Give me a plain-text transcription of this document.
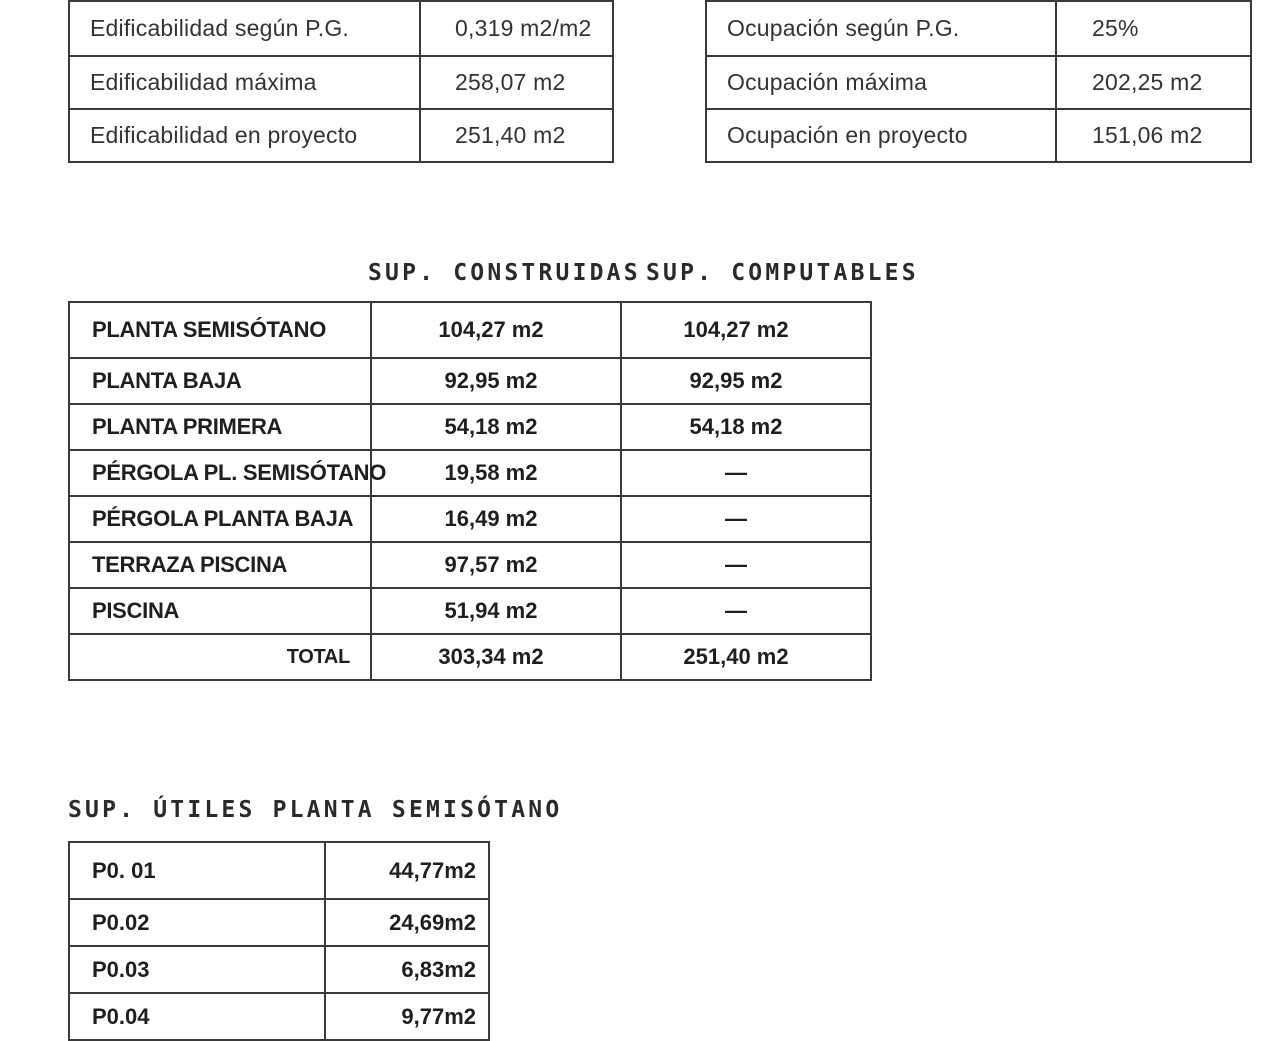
Edificabilidad según P.G.	0,319 m2/m2
Edificabilidad máxima	258,07 m2
Edificabilidad en proyecto	251,40 m2
Ocupación según P.G.	25%
Ocupación máxima	202,25 m2
Ocupación en proyecto	151,06 m2
SUP. CONSTRUIDAS SUP. COMPUTABLES
PLANTA SEMISÓTANO	104,27 m2	104,27 m2
PLANTA BAJA	92,95 m2	92,95 m2
PLANTA PRIMERA	54,18 m2	54,18 m2
PÉRGOLA PL. SEMISÓTANO	19,58 m2	—
PÉRGOLA PLANTA BAJA	16,49 m2	—
TERRAZA PISCINA	97,57 m2	—
PISCINA	51,94 m2	—
TOTAL	303,34 m2	251,40 m2
SUP. ÚTILES PLANTA SEMISÓTANO
P0. 01	44,77m2
P0.02	24,69m2
P0.03	6,83m2
P0.04	9,77m2
